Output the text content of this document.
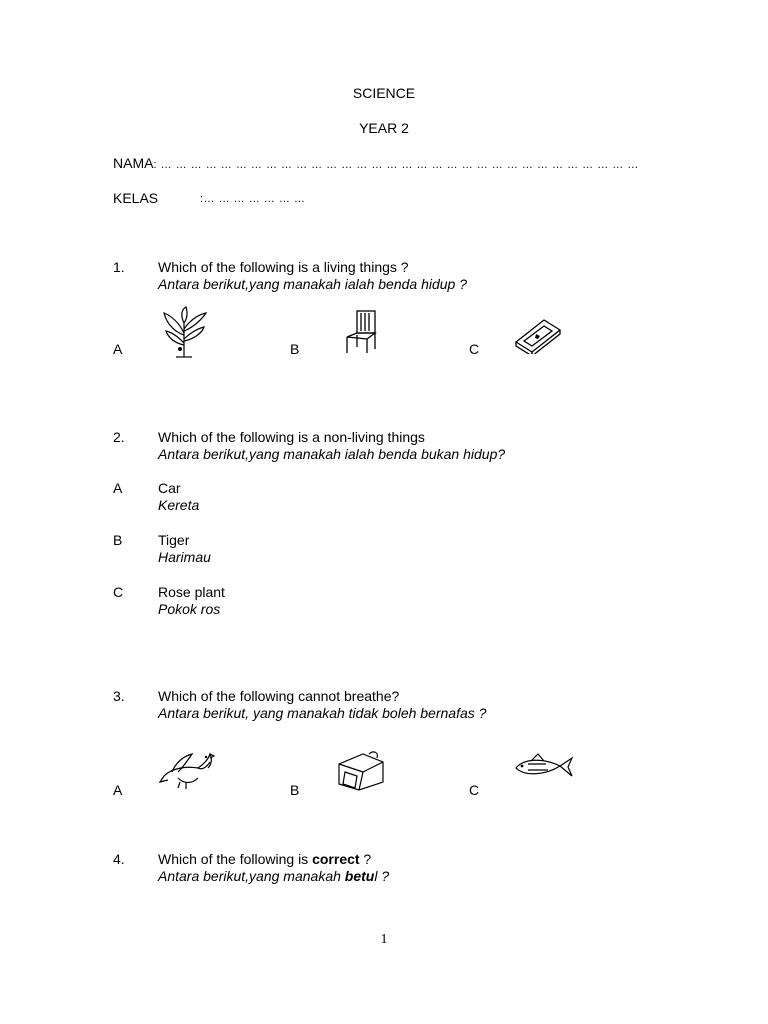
SCIENCE
YEAR 2
NAMA: … … … … … … … … … … … … … … … … … … … … … … … … … … … … … … … …
KELAS	:… … … … … … …
1. Which of the following is a living things ?
Antara berikut,yang manakah ialah benda hidup ?
A	B	C
2. Which of the following is a non-living things
Antara berikut,yang manakah ialah benda bukan hidup?
A	Car
Kereta
B	Tiger
Harimau
C Rose plant
Pokok ros
3. Which of the following cannot breathe?
Antara berikut, yang manakah tidak boleh bernafas ?
A	B	C
4. Which of the following is correct ?
Antara berikut,yang manakah betul ?
1
